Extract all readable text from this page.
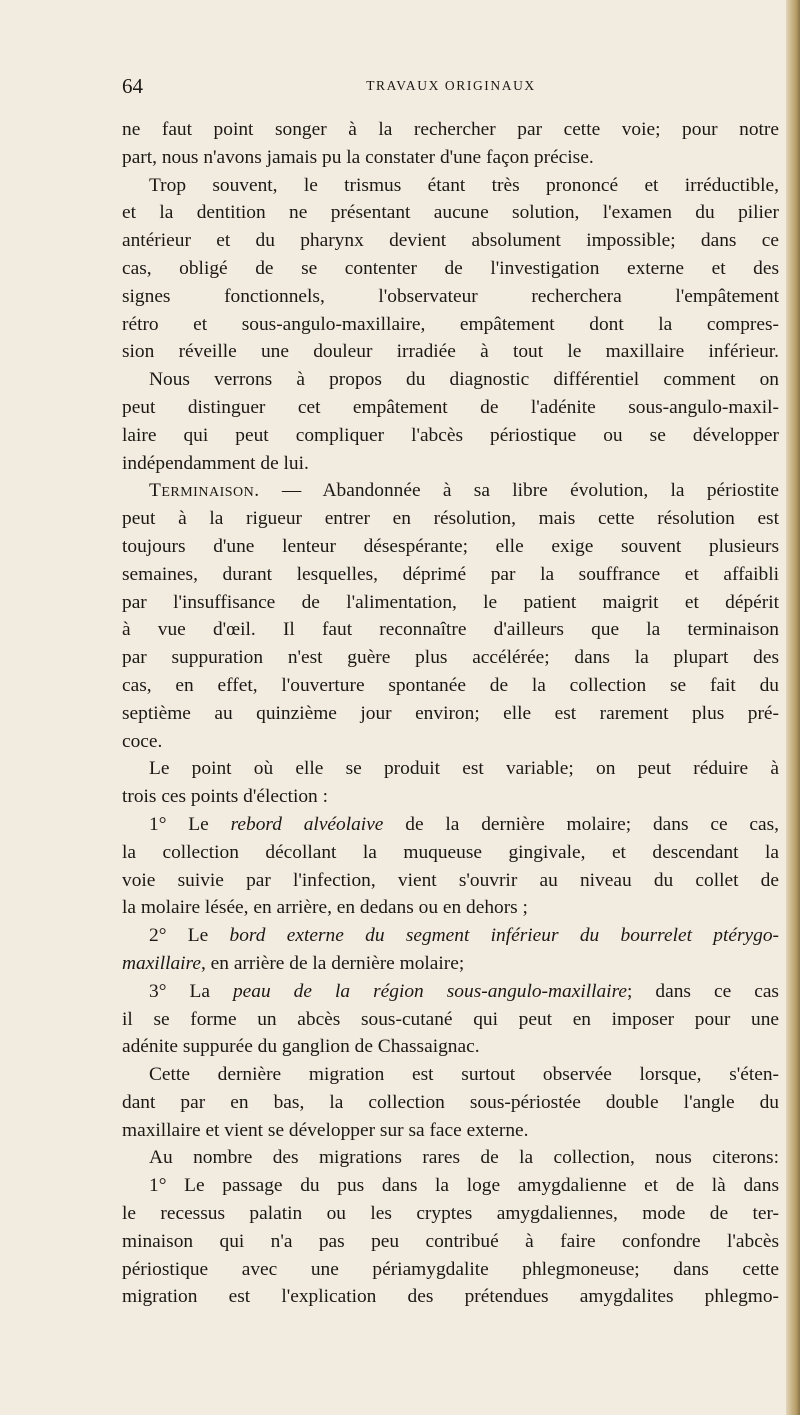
64	TRAVAUX ORIGINAUX
ne faut point songer à la rechercher par cette voie; pour notre
part, nous n'avons jamais pu la constater d'une façon précise.
Trop souvent, le trismus étant très prononcé et irréductible,
et la dentition ne présentant aucune solution, l'examen du pilier
antérieur et du pharynx devient absolument impossible; dans ce
cas, obligé de se contenter de l'investigation externe et des
signes fonctionnels, l'observateur recherchera l'empâtement
rétro et sous-angulo-maxillaire, empâtement dont la compres-
sion réveille une douleur irradiée à tout le maxillaire inférieur.
Nous verrons à propos du diagnostic différentiel comment on
peut distinguer cet empâtement de l'adénite sous-angulo-maxil-
laire qui peut compliquer l'abcès périostique ou se développer
indépendamment de lui.
Terminaison. — Abandonnée à sa libre évolution, la périostite
peut à la rigueur entrer en résolution, mais cette résolution est
toujours d'une lenteur désespérante; elle exige souvent plusieurs
semaines, durant lesquelles, déprimé par la souffrance et affaibli
par l'insuffisance de l'alimentation, le patient maigrit et dépérit
à vue d'œil. Il faut reconnaître d'ailleurs que la terminaison
par suppuration n'est guère plus accélérée; dans la plupart des
cas, en effet, l'ouverture spontanée de la collection se fait du
septième au quinzième jour environ; elle est rarement plus pré-
coce.
Le point où elle se produit est variable; on peut réduire à
trois ces points d'élection :
1° Le rebord alvéolaive de la dernière molaire; dans ce cas,
la collection décollant la muqueuse gingivale, et descendant la
voie suivie par l'infection, vient s'ouvrir au niveau du collet de
la molaire lésée, en arrière, en dedans ou en dehors ;
2° Le bord externe du segment inférieur du bourrelet ptérygo-
maxillaire, en arrière de la dernière molaire;
3° La peau de la région sous-angulo-maxillaire; dans ce cas
il se forme un abcès sous-cutané qui peut en imposer pour une
adénite suppurée du ganglion de Chassaignac.
Cette dernière migration est surtout observée lorsque, s'éten-
dant par en bas, la collection sous-périostée double l'angle du
maxillaire et vient se développer sur sa face externe.
Au nombre des migrations rares de la collection, nous citerons:
1° Le passage du pus dans la loge amygdalienne et de là dans
le recessus palatin ou les cryptes amygdaliennes, mode de ter-
minaison qui n'a pas peu contribué à faire confondre l'abcès
périostique avec une périamygdalite phlegmoneuse; dans cette
migration est l'explication des prétendues amygdalites phlegmo-
